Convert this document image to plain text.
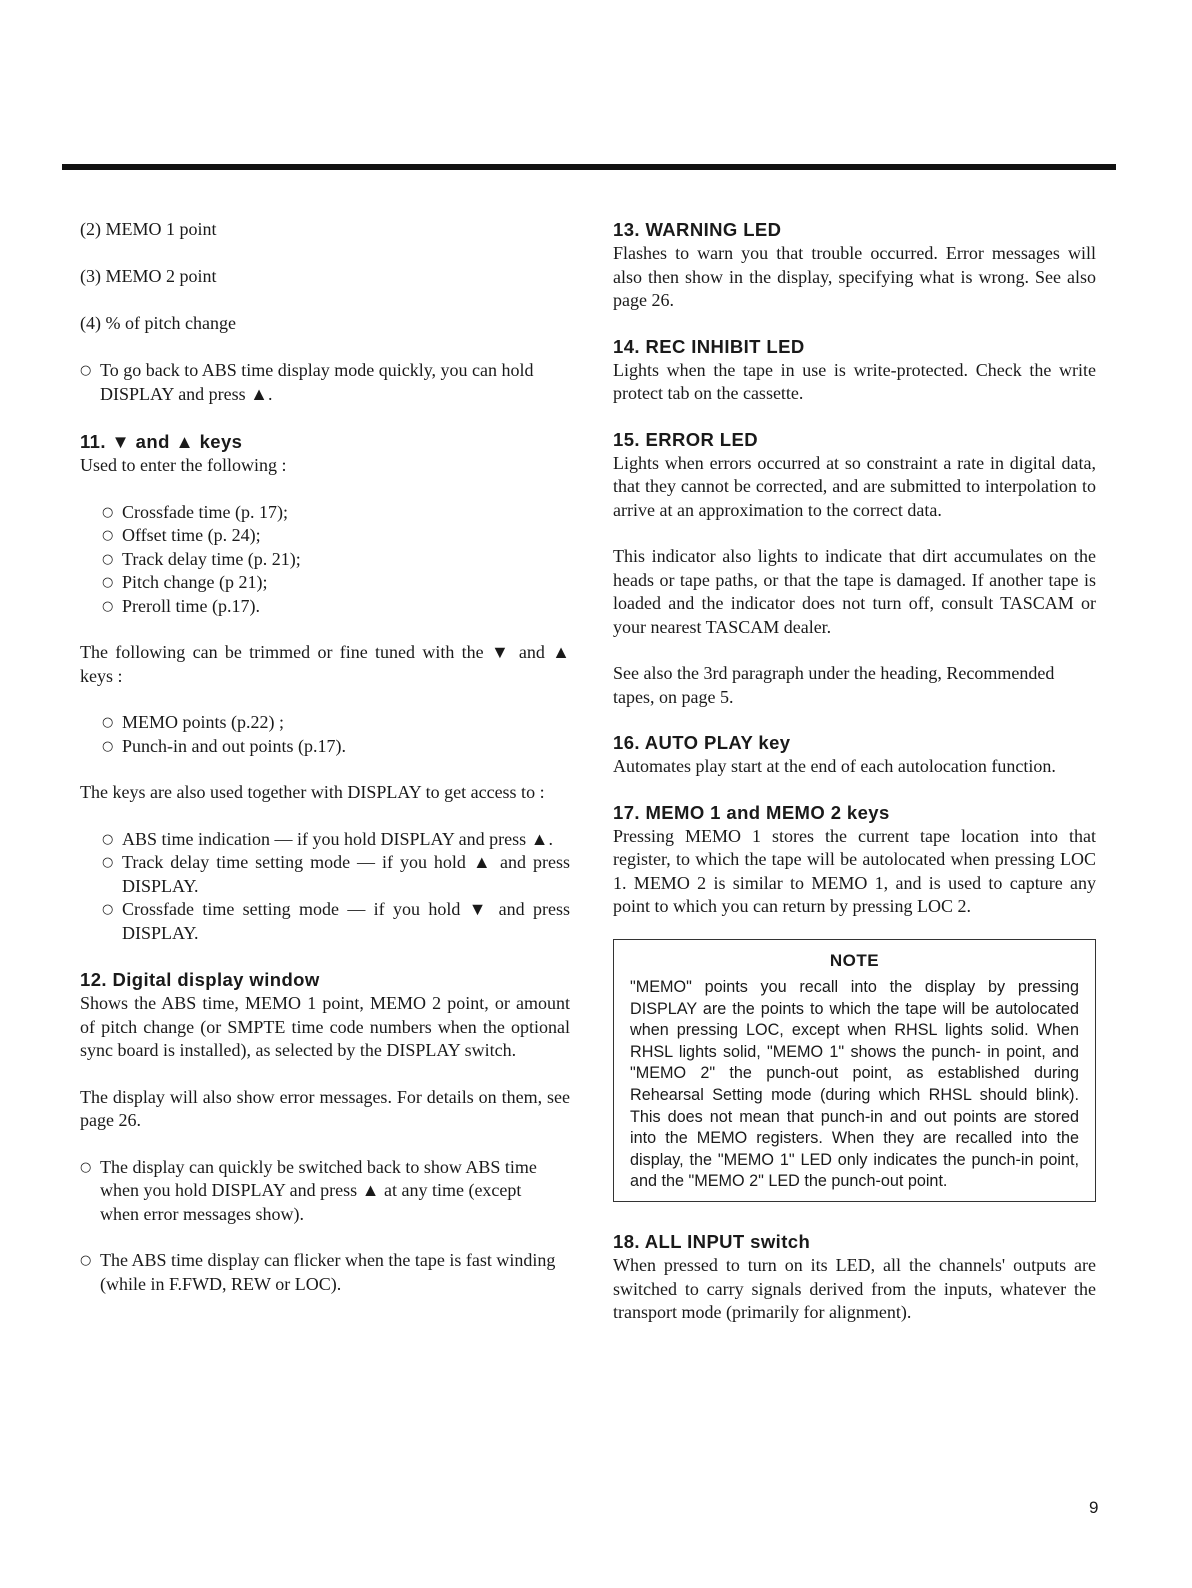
(2) MEMO 1 point
(3) MEMO 2 point
(4) % of pitch change
○ To go back to ABS time display mode quickly, you can hold DISPLAY and press ▲.
11. ▼ and ▲ keys
Used to enter the following :
○ Crossfade time (p. 17);
○ Offset time (p. 24);
○ Track delay time (p. 21);
○ Pitch change (p 21);
○ Preroll time (p.17).
The following can be trimmed or fine tuned with the ▼ and ▲ keys :
○ MEMO points (p.22) ;
○ Punch-in and out points (p.17).
The keys are also used together with DISPLAY to get access to :
○ ABS time indication — if you hold DISPLAY and press ▲.
○ Track delay time setting mode — if you hold ▲ and press DISPLAY.
○ Crossfade time setting mode — if you hold ▼ and press DISPLAY.
12. Digital display window
Shows the ABS time, MEMO 1 point, MEMO 2 point, or amount of pitch change (or SMPTE time code numbers when the optional sync board is installed), as selected by the DISPLAY switch.
The display will also show error messages. For details on them, see page 26.
○ The display can quickly be switched back to show ABS time when you hold DISPLAY and press ▲ at any time (except when error messages show).
○ The ABS time display can flicker when the tape is fast winding (while in F.FWD, REW or LOC).
13. WARNING LED
Flashes to warn you that trouble occurred. Error messages will also then show in the display, specifying what is wrong. See also page 26.
14. REC INHIBIT LED
Lights when the tape in use is write-protected. Check the write protect tab on the cassette.
15. ERROR LED
Lights when errors occurred at so constraint a rate in digital data, that they cannot be corrected, and are submitted to interpolation to arrive at an approximation to the correct data.
This indicator also lights to indicate that dirt accumulates on the heads or tape paths, or that the tape is damaged. If another tape is loaded and the indicator does not turn off, consult TASCAM or your nearest TASCAM dealer.
See also the 3rd paragraph under the heading, Recommended tapes, on page 5.
16. AUTO PLAY key
Automates play start at the end of each autolocation function.
17. MEMO 1 and MEMO 2 keys
Pressing MEMO 1 stores the current tape location into that register, to which the tape will be autolocated when pressing LOC 1. MEMO 2 is similar to MEMO 1, and is used to capture any point to which you can return by pressing LOC 2.
NOTE
"MEMO" points you recall into the display by pressing DISPLAY are the points to which the tape will be autolocated when pressing LOC, except when RHSL lights solid. When RHSL lights solid, "MEMO 1" shows the punch- in point, and "MEMO 2" the punch-out point, as established during Rehearsal Setting mode (during which RHSL should blink). This does not mean that punch-in and out points are stored into the MEMO registers. When they are recalled into the display, the "MEMO 1" LED only indicates the punch-in point, and the "MEMO 2" LED the punch-out point.
18. ALL INPUT switch
When pressed to turn on its LED, all the channels' outputs are switched to carry signals derived from the inputs, whatever the transport mode (primarily for alignment).
9
